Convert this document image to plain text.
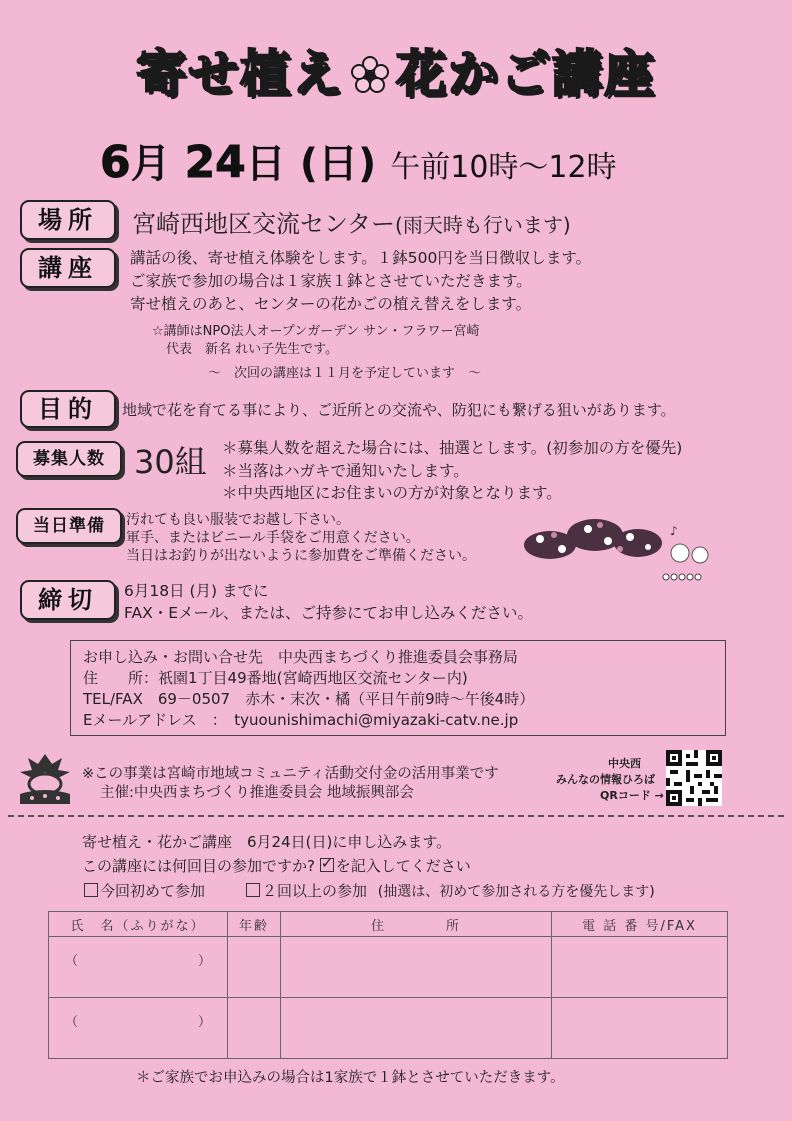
寄せ植え 花かご講座
6月 24日 (日) 午前10時～12時
場所	宮崎西地区交流センター(雨天時も行います)
講座	講話の後、寄せ植え体験をします。１鉢500円を当日徴収します。
ご家族で参加の場合は１家族１鉢とさせていただきます。
寄せ植えのあと、センターの花かごの植え替えをします。
☆講師はNPO法人オープンガーデン サン・フラワー宮崎
代表　新名 れい子先生です。
～　次回の講座は１１月を予定しています　～
目的	地域で花を育てる事により、ご近所との交流や、防犯にも繋げる狙いがあります。
募集人数 30組 ＊募集人数を超えた場合には、抽選とします。(初参加の方を優先)
＊当落はハガキで通知いたします。
＊中央西地区にお住まいの方が対象となります。
当日準備	汚れても良い服装でお越し下さい。
軍手、またはビニール手袋をご用意ください。
当日はお釣りが出ないように参加費をご準備ください。
♪
締切	6月18日 (月) までに
FAX・Eメール、または、ご持参にてお申し込みください。
お申し込み・お問い合せ先　中央西まちづくり推進委員会事務局
住　　所：祇園1丁目49番地(宮崎西地区交流センター内)
TEL/FAX　69－0507　赤木・末次・橘（平日午前9時～午後4時）
Eメールアドレス　：　tyuounishimachi@miyazaki-catv.ne.jp
※この事業は宮崎市地域コミュニティ活動交付金の活用事業です
主催:中央西まちづくり推進委員会 地域振興部会
中央西
みんなの情報ひろば
QRコード →
寄せ植え・花かご講座　6月24日(日)に申し込みます。
この講座には何回目の参加ですか? ✓ を記入してください
今回初めて参加	２回以上の参加 (抽選は、初めて参加される方を優先します)
氏　名（ふりがな）	年齢	住　　　　所	電 話 番 号/FAX

（ ）			

（ ）			

＊ご家族でお申込みの場合は1家族で１鉢とさせていただきます。
